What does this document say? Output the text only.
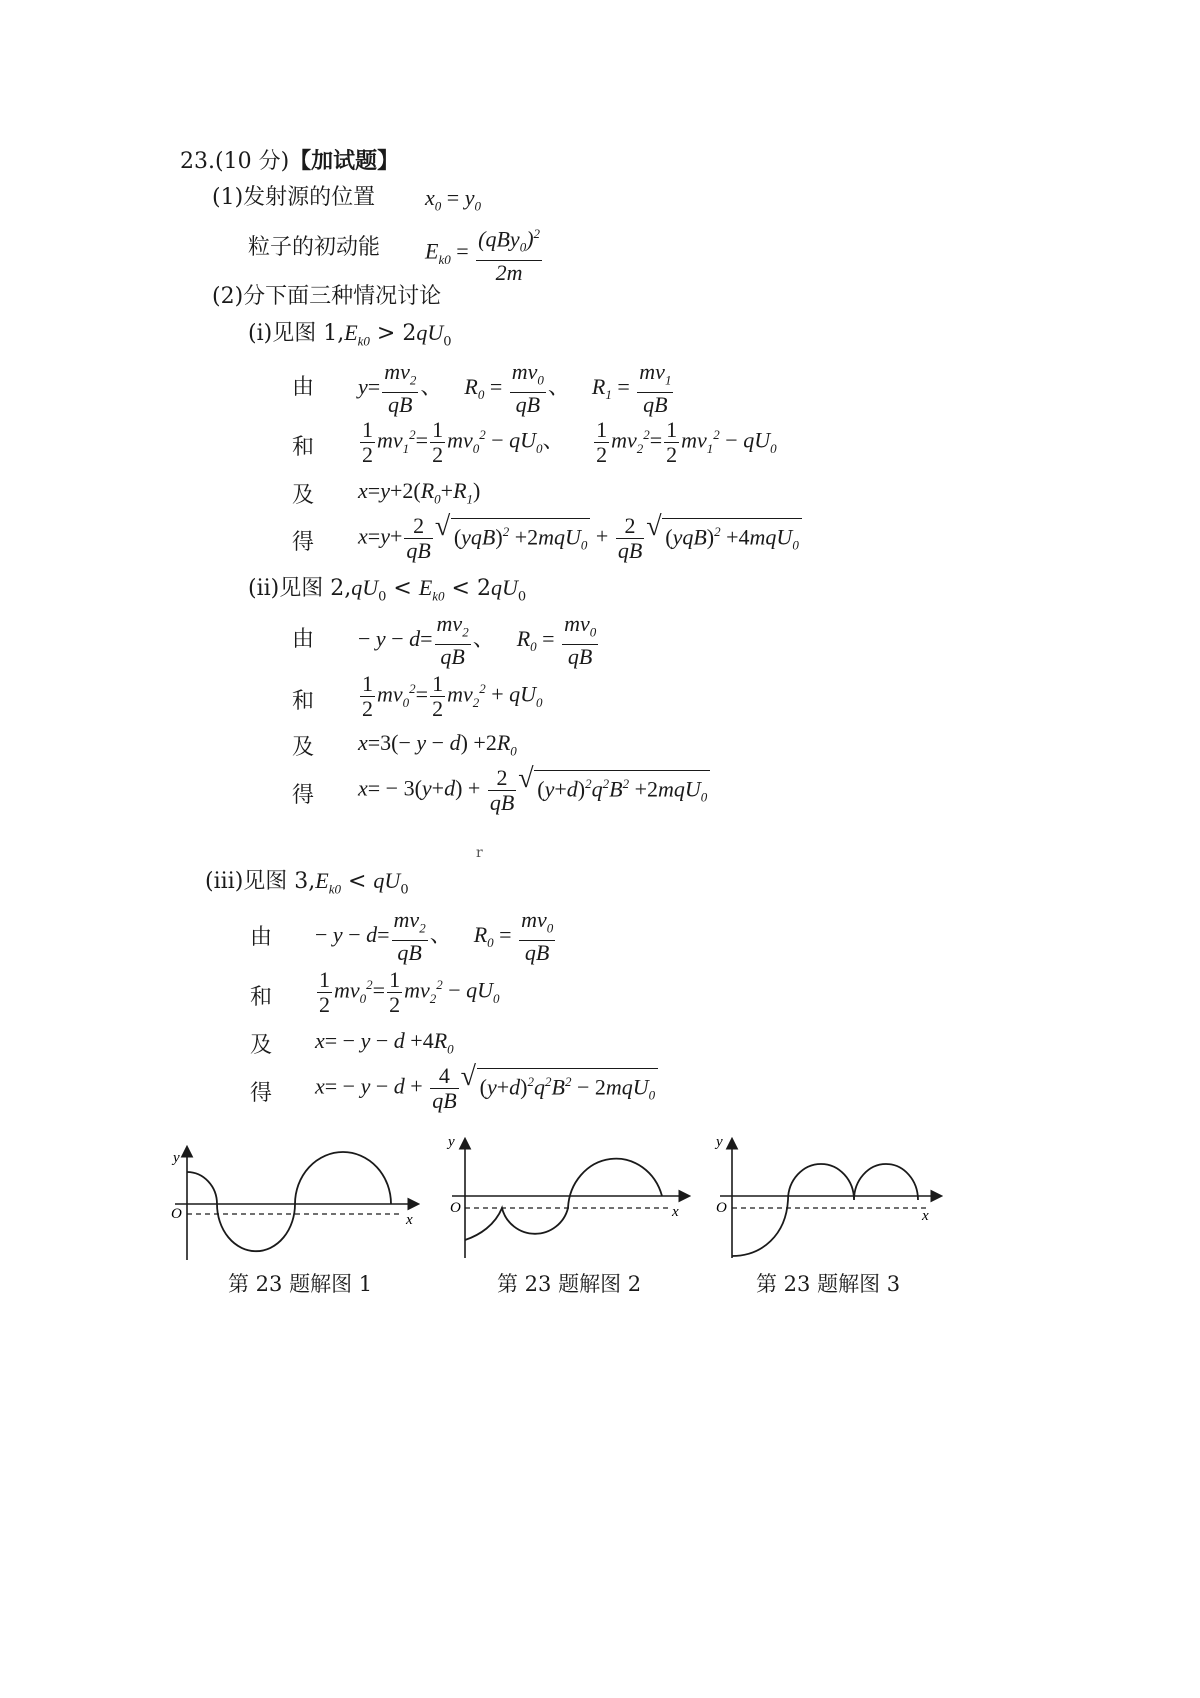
23.(10 分)【加试题】
(1)发射源的位置 $x_0 = y_0$
粒子的初动能 $E_{k0} = \frac{(qBy_0)^2}{2m}$
(2)分下面三种情况讨论
(ⅰ)见图 $1,E_{k0} > 2qU_0$
由 $y= \frac{mv_2}{qB}$ 、    $R_0 = \frac{mv_0}{qB}$ 、    $R_1 = \frac{mv_1}{qB}$
和 $\frac{1}{2} mv_1^2= \frac{1}{2} mv_0^2 - qU_0$、 $\frac{1}{2} mv_2^2= \frac{1}{2} mv_1^2 - qU_0$
及 $x=y+2(R_0+R_1)$
得 $x=y+ \frac{2}{qB}$ √ $(yqB)^2 +2mqU_0 + \frac{2}{qB}$ √ (yqB)$^2$ +4mqU$_0$
(ⅱ)见图 $2,qU_0 < E_{k0} < 2qU_0$
由 − $y - d= \frac{mv_2}{qB}$ 、    $R_0 = \frac{mv_0}{qB}$
和 $\frac{1}{2} mv_0^2= \frac{1}{2} mv_2^2 + qU_0$
及 $x=3(- y - d) +2R_0$
得 $x= - 3(y+d) + \frac{2}{qB}$ √ $(y+d)^2q^2B^2 +2mqU_0$
r
(ⅲ)见图 $3,E_{k0} < qU_0$
由 − $y - d= \frac{mv_2}{qB}$ 、    $R_0 = \frac{mv_0}{qB}$
和 $\frac{1}{2} mv_0^2= \frac{1}{2} mv_2^2 - qU_0$
及 $x= - y - d +4R_0$
得 $x= - y - d + \frac{4}{qB}$ √ $(y+d)^2q^2B^2 - 2mqU_0$
y
O	x
第 23 题解图 1
y
O	x
第 23 题解图 2
y
O	x
第 23 题解图 3
